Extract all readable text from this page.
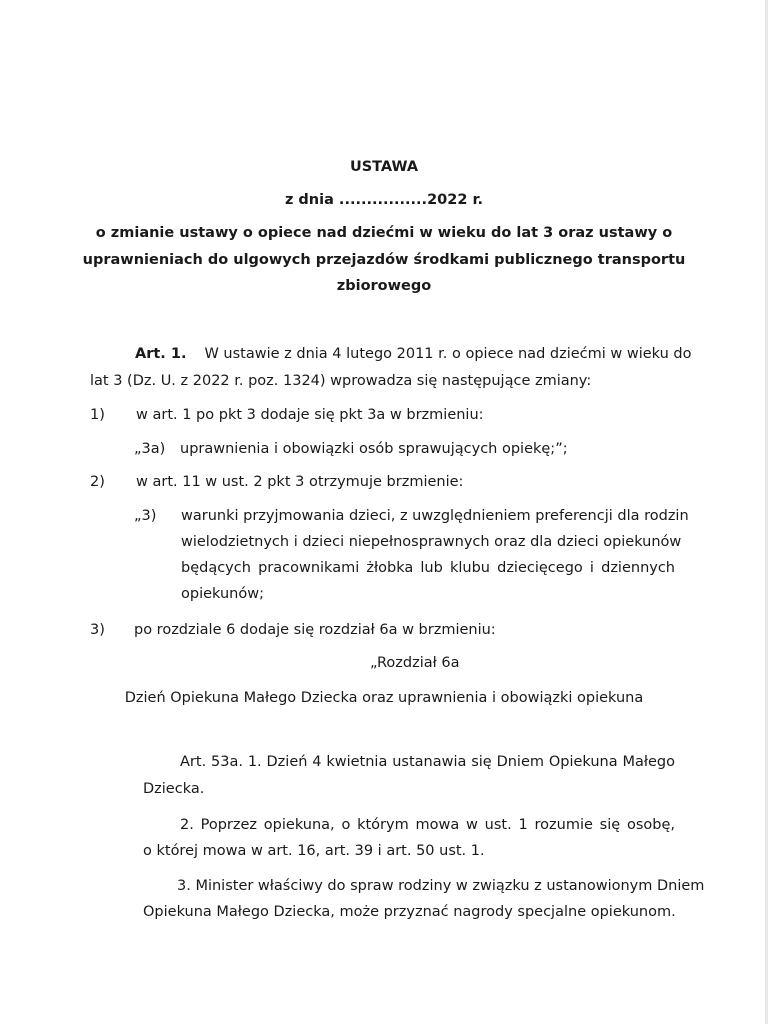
USTAWA
z dnia ................2022 r.
o zmianie ustawy o opiece nad dziećmi w wieku do lat 3 oraz ustawy o
uprawnieniach do ulgowych przejazdów środkami publicznego transportu
zbiorowego
Art. 1. W ustawie z dnia 4 lutego 2011 r. o opiece nad dziećmi w wieku do
lat 3 (Dz. U. z 2022 r. poz. 1324) wprowadza się następujące zmiany:
1) w art. 1 po pkt 3 dodaje się pkt 3a w brzmieniu:
„3a) uprawnienia i obowiązki osób sprawujących opiekę;”;
2) w art. 11 w ust. 2 pkt 3 otrzymuje brzmienie:
„3) warunki przyjmowania dzieci, z uwzględnieniem preferencji dla rodzin
wielodzietnych i dzieci niepełnosprawnych oraz dla dzieci opiekunów
będących pracownikami żłobka lub klubu dziecięcego i dziennych
opiekunów;
3) po rozdziale 6 dodaje się rozdział 6a w brzmieniu:
„Rozdział 6a
Dzień Opiekuna Małego Dziecka oraz uprawnienia i obowiązki opiekuna
Art. 53a. 1. Dzień 4 kwietnia ustanawia się Dniem Opiekuna Małego
Dziecka.
2. Poprzez opiekuna, o którym mowa w ust. 1 rozumie się osobę,
o której mowa w art. 16, art. 39 i art. 50 ust. 1.
3. Minister właściwy do spraw rodziny w związku z ustanowionym Dniem
Opiekuna Małego Dziecka, może przyznać nagrody specjalne opiekunom.
